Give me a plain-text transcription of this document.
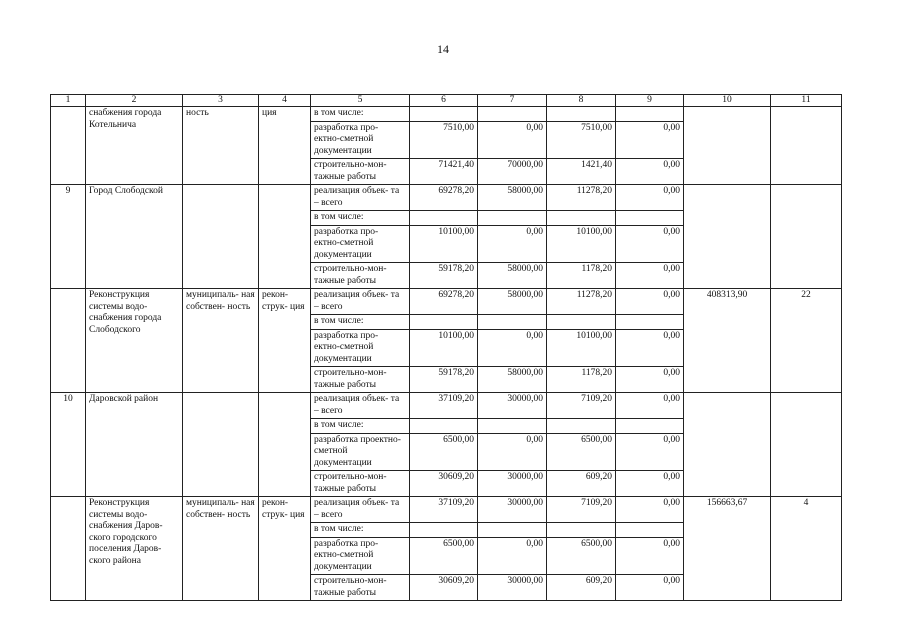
14
1	2	3	4	5	6	7	8	9	10	11
	снабжения города Котельнича	ность	ция	в том числе:						
				разработка про- ектно-сметной документации	7510,00	0,00	7510,00	0,00		
				строительно-мон- тажные работы	71421,40	70000,00	1421,40	0,00		
9	Город Слободской			реализация объек- та – всего	69278,20	58000,00	11278,20	0,00		
				в том числе:						
				разработка про- ектно-сметной документации	10100,00	0,00	10100,00	0,00		
				строительно-мон- тажные работы	59178,20	58000,00	1178,20	0,00		
	Реконструкция системы водо- снабжения города Слободского	муниципаль- ная собствен- ность	рекон- струк- ция	реализация объек- та – всего	69278,20	58000,00	11278,20	0,00	408313,90	22
				в том числе:						
				разработка про- ектно-сметной документации	10100,00	0,00	10100,00	0,00		
				строительно-мон- тажные работы	59178,20	58000,00	1178,20	0,00		
10	Даровской район			реализация объек- та – всего	37109,20	30000,00	7109,20	0,00		
				в том числе:						
				разработка проектно-сметной документации	6500,00	0,00	6500,00	0,00		
				строительно-мон- тажные работы	30609,20	30000,00	609,20	0,00		
	Реконструкция системы водо- снабжения Даров- ского городского поселения Даров- ского района	муниципаль- ная собствен- ность	рекон- струк- ция	реализация объек- та – всего	37109,20	30000,00	7109,20	0,00	156663,67	4
				в том числе:						
				разработка про- ектно-сметной документации	6500,00	0,00	6500,00	0,00		
				строительно-мон- тажные работы	30609,20	30000,00	609,20	0,00		
